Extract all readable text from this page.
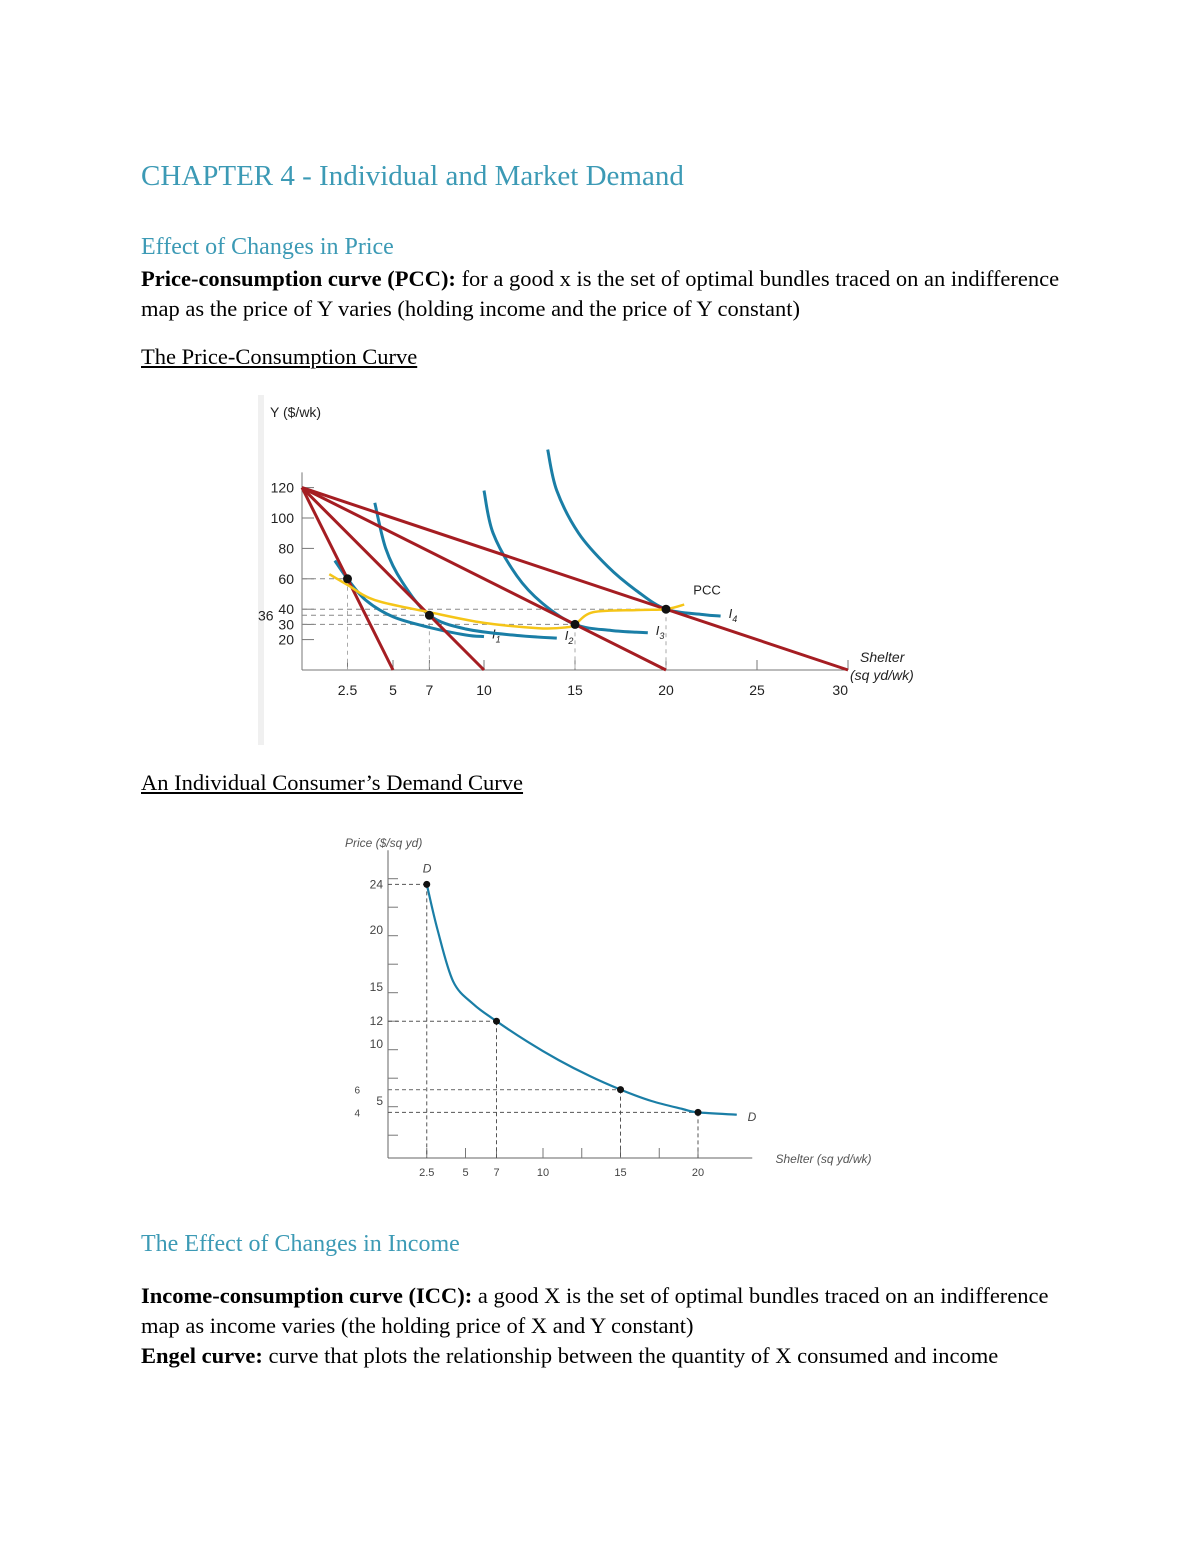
CHAPTER 4 - Individual and Market Demand
Effect of Changes in Price
Price-consumption curve (PCC): for a good x is the set of optimal bundles traced on an indifference map as the price of Y varies (holding income and the price of Y constant)
The Price-Consumption Curve
Y ($/wk)
120
100
80
60
40
36
30
20
2.5 5 7	10	15	20	25	30
Shelter
(sq yd/wk)
$I_1$	$I_2$
$I_3$
$I_4$
PCC
An Individual Consumer’s Demand Curve
Price ($/sq yd)
24
20
15
12
10
6
5
4
2.5	5 7	10	15	20
Shelter (sq yd/wk)
D
D
The Effect of Changes in Income
Income-consumption curve (ICC): a good X is the set of optimal bundles traced on an indifference map as income varies (the holding price of X and Y constant)
Engel curve: curve that plots the relationship between the quantity of X consumed and income
